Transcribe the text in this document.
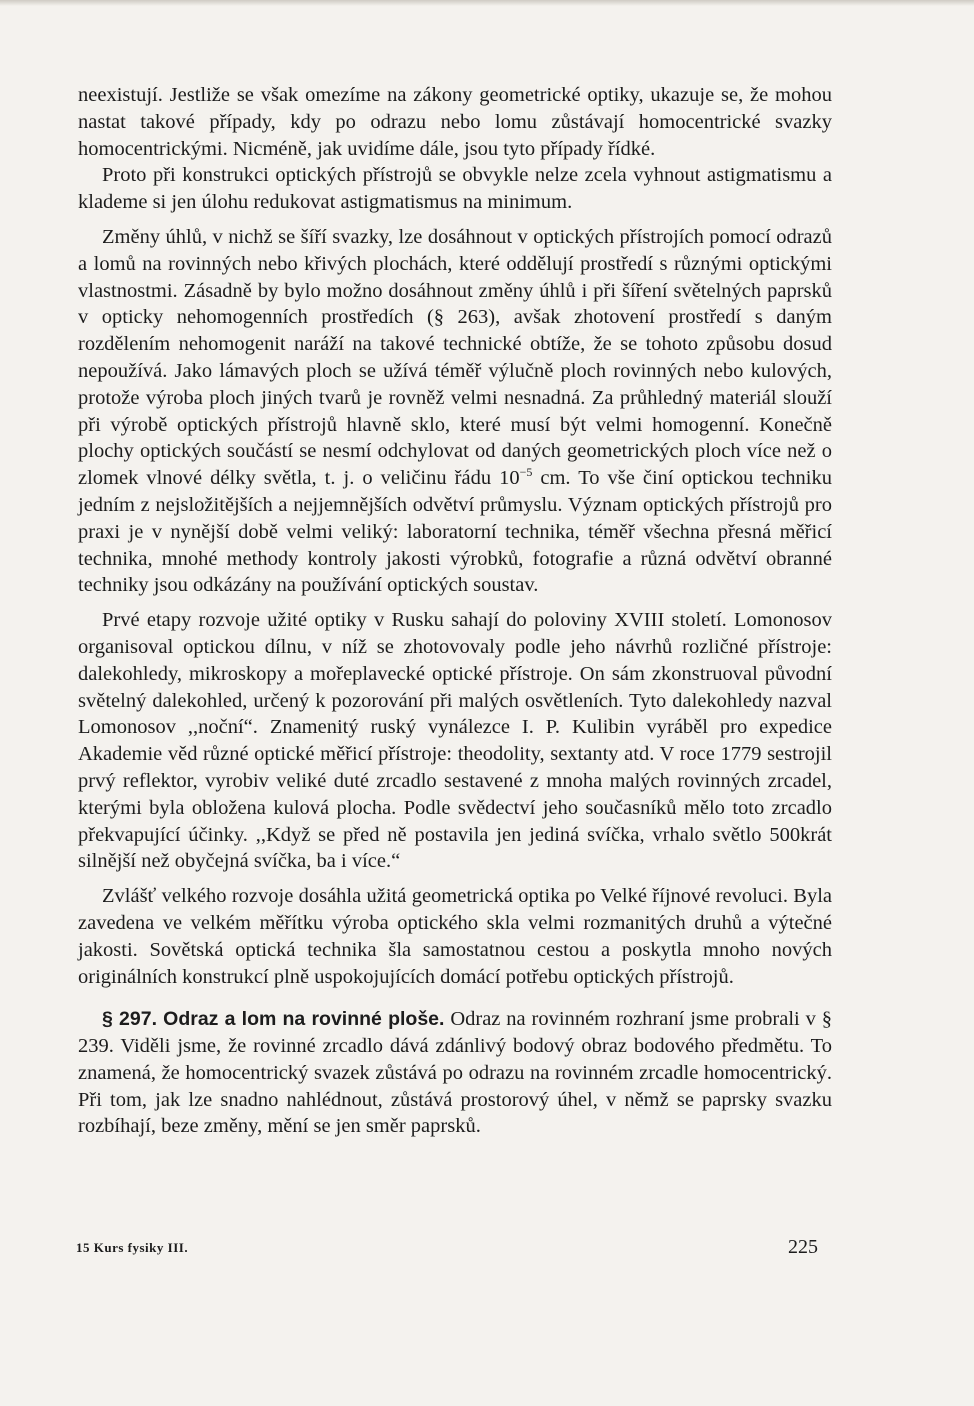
neexistují. Jestliže se však omezíme na zákony geometrické optiky, ukazuje se, že mohou nastat takové případy, kdy po odrazu nebo lomu zůstávají homocentrické svazky homocentrickými. Nicméně, jak uvidíme dále, jsou tyto případy řídké.

Proto při konstrukci optických přístrojů se obvykle nelze zcela vyhnout astigmatismu a klademe si jen úlohu redukovat astigmatismus na minimum.

Změny úhlů, v nichž se šíří svazky, lze dosáhnout v optických přístrojích pomocí odrazů a lomů na rovinných nebo křivých plochách, které oddělují prostředí s různými optickými vlastnostmi. Zásadně by bylo možno dosáhnout změny úhlů i při šíření světelných paprsků v opticky nehomogenních prostředích (§ 263), avšak zhotovení prostředí s daným rozdělením nehomogenit naráží na takové technické obtíže, že se tohoto způsobu dosud nepoužívá. Jako lámavých ploch se užívá téměř výlučně ploch rovinných nebo kulových, protože výroba ploch jiných tvarů je rovněž velmi nesnadná. Za průhledný materiál slouží při výrobě optických přístrojů hlavně sklo, které musí být velmi homogenní. Konečně plochy optických součástí se nesmí odchylovat od daných geometrických ploch více než o zlomek vlnové délky světla, t. j. o veličinu řádu $10^{-5}$ cm. To vše činí optickou techniku jedním z nejsložitějších a nejjemnějších odvětví průmyslu. Význam optických přístrojů pro praxi je v nynější době velmi veliký: laboratorní technika, téměř všechna přesná měřicí technika, mnohé methody kontroly jakosti výrobků, fotografie a různá odvětví obranné techniky jsou odkázány na používání optických soustav.

Prvé etapy rozvoje užité optiky v Rusku sahají do poloviny XVIII století. Lomonosov organisoval optickou dílnu, v níž se zhotovovaly podle jeho návrhů rozličné přístroje: dalekohledy, mikroskopy a mořeplavecké optické přístroje. On sám zkonstruoval původní světelný dalekohled, určený k pozorování při malých osvětleních. Tyto dalekohledy nazval Lomonosov ,,noční“. Znamenitý ruský vynálezce I. P. Kulibin vyráběl pro expedice Akademie věd různé optické měřicí přístroje: theodolity, sextanty atd. V roce 1779 sestrojil prvý reflektor, vyrobiv veliké duté zrcadlo sestavené z mnoha malých rovinných zrcadel, kterými byla obložena kulová plocha. Podle svědectví jeho současníků mělo toto zrcadlo překvapující účinky. ,,Když se před ně postavila jen jediná svíčka, vrhalo světlo 500krát silnější než obyčejná svíčka, ba i více.“

Zvlášť velkého rozvoje dosáhla užitá geometrická optika po Velké říjnové revoluci. Byla zavedena ve velkém měřítku výroba optického skla velmi rozmanitých druhů a výtečné jakosti. Sovětská optická technika šla samostatnou cestou a poskytla mnoho nových originálních konstrukcí plně uspokojujících domácí potřebu optických přístrojů.

§ 297. Odraz a lom na rovinné ploše. Odraz na rovinném rozhraní jsme probrali v § 239. Viděli jsme, že rovinné zrcadlo dává zdánlivý bodový obraz bodového předmětu. To znamená, že homocentrický svazek zůstává po odrazu na rovinném zrcadle homocentrický. Při tom, jak lze snadno nahlédnout, zůstává prostorový úhel, v němž se paprsky svazku rozbíhají, beze změny, mění se jen směr paprsků.

15 Kurs fysiky III.	225
